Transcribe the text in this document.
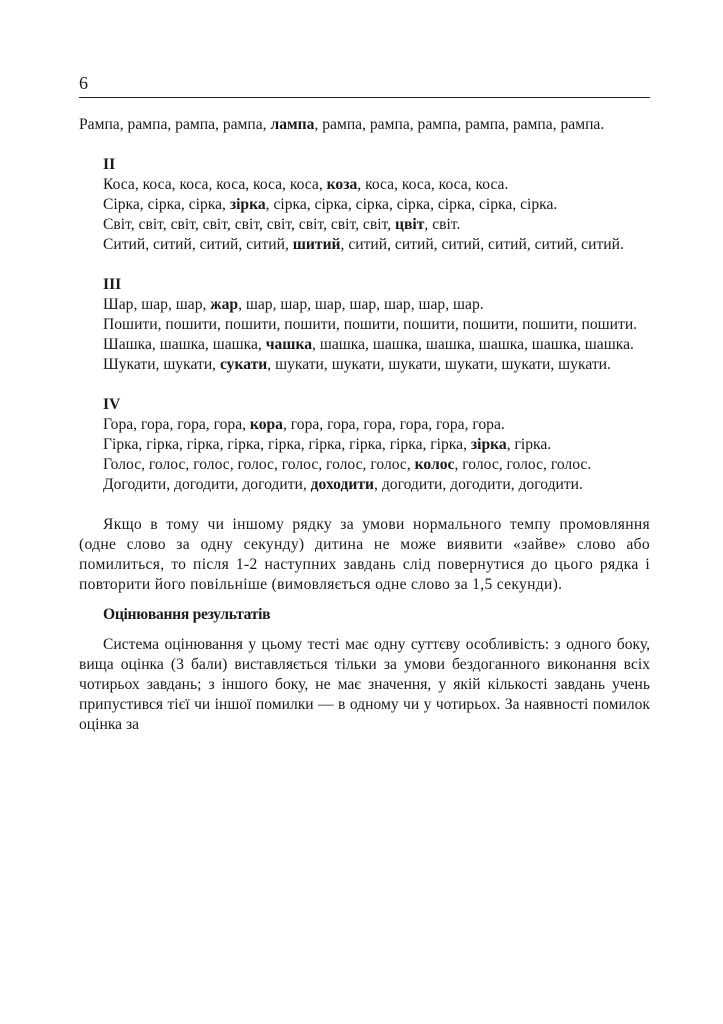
6

Рампа, рампа, рампа, рампа, лампа, рампа, рампа, рампа, рампа, рампа, рампа.

II

Коса, коса, коса, коса, коса, коса, коза, коса, коса, коса, коса.

Сірка, сірка, сірка, зірка, сірка, сірка, сірка, сірка, сірка, сірка, сірка.

Світ, світ, світ, світ, світ, світ, світ, світ, світ, цвіт, світ.

Ситий, ситий, ситий, ситий, шитий, ситий, ситий, ситий, ситий, ситий, ситий.

III

Шар, шар, шар, жар, шар, шар, шар, шар, шар, шар, шар.

Пошити, пошити, пошити, пошити, пошити, пошити, пошити, пошити, пошити.

Шашка, шашка, шашка, чашка, шашка, шашка, шашка, шашка, шашка, шашка.

Шукати, шукати, сукати, шукати, шукати, шукати, шукати, шукати, шукати.

IV

Гора, гора, гора, гора, кора, гора, гора, гора, гора, гора, гора.

Гірка, гірка, гірка, гірка, гірка, гірка, гірка, гірка, гірка, зірка, гірка.

Голос, голос, голос, голос, голос, голос, голос, колос, голос, голос, голос.

Догодити, догодити, догодити, доходити, догодити, догодити, догодити.

Якщо в тому чи іншому рядку за умови нормального темпу промовляння (одне слово за одну секунду) дитина не може виявити «зайве» слово або помилиться, то після 1-2 наступних завдань слід повернутися до цього рядка і повторити його повільніше (вимовляється одне слово за 1,5 секунди).

Оцінювання результатів

Система оцінювання у цьому тесті має одну суттєву особливість: з одного боку, вища оцінка (3 бали) виставляється тільки за умови бездоганного виконання всіх чотирьох завдань; з іншого боку, не має значення, у якій кількості завдань учень припустився тієї чи іншої помилки — в одному чи у чотирьох. За наявності помилок оцінка за
